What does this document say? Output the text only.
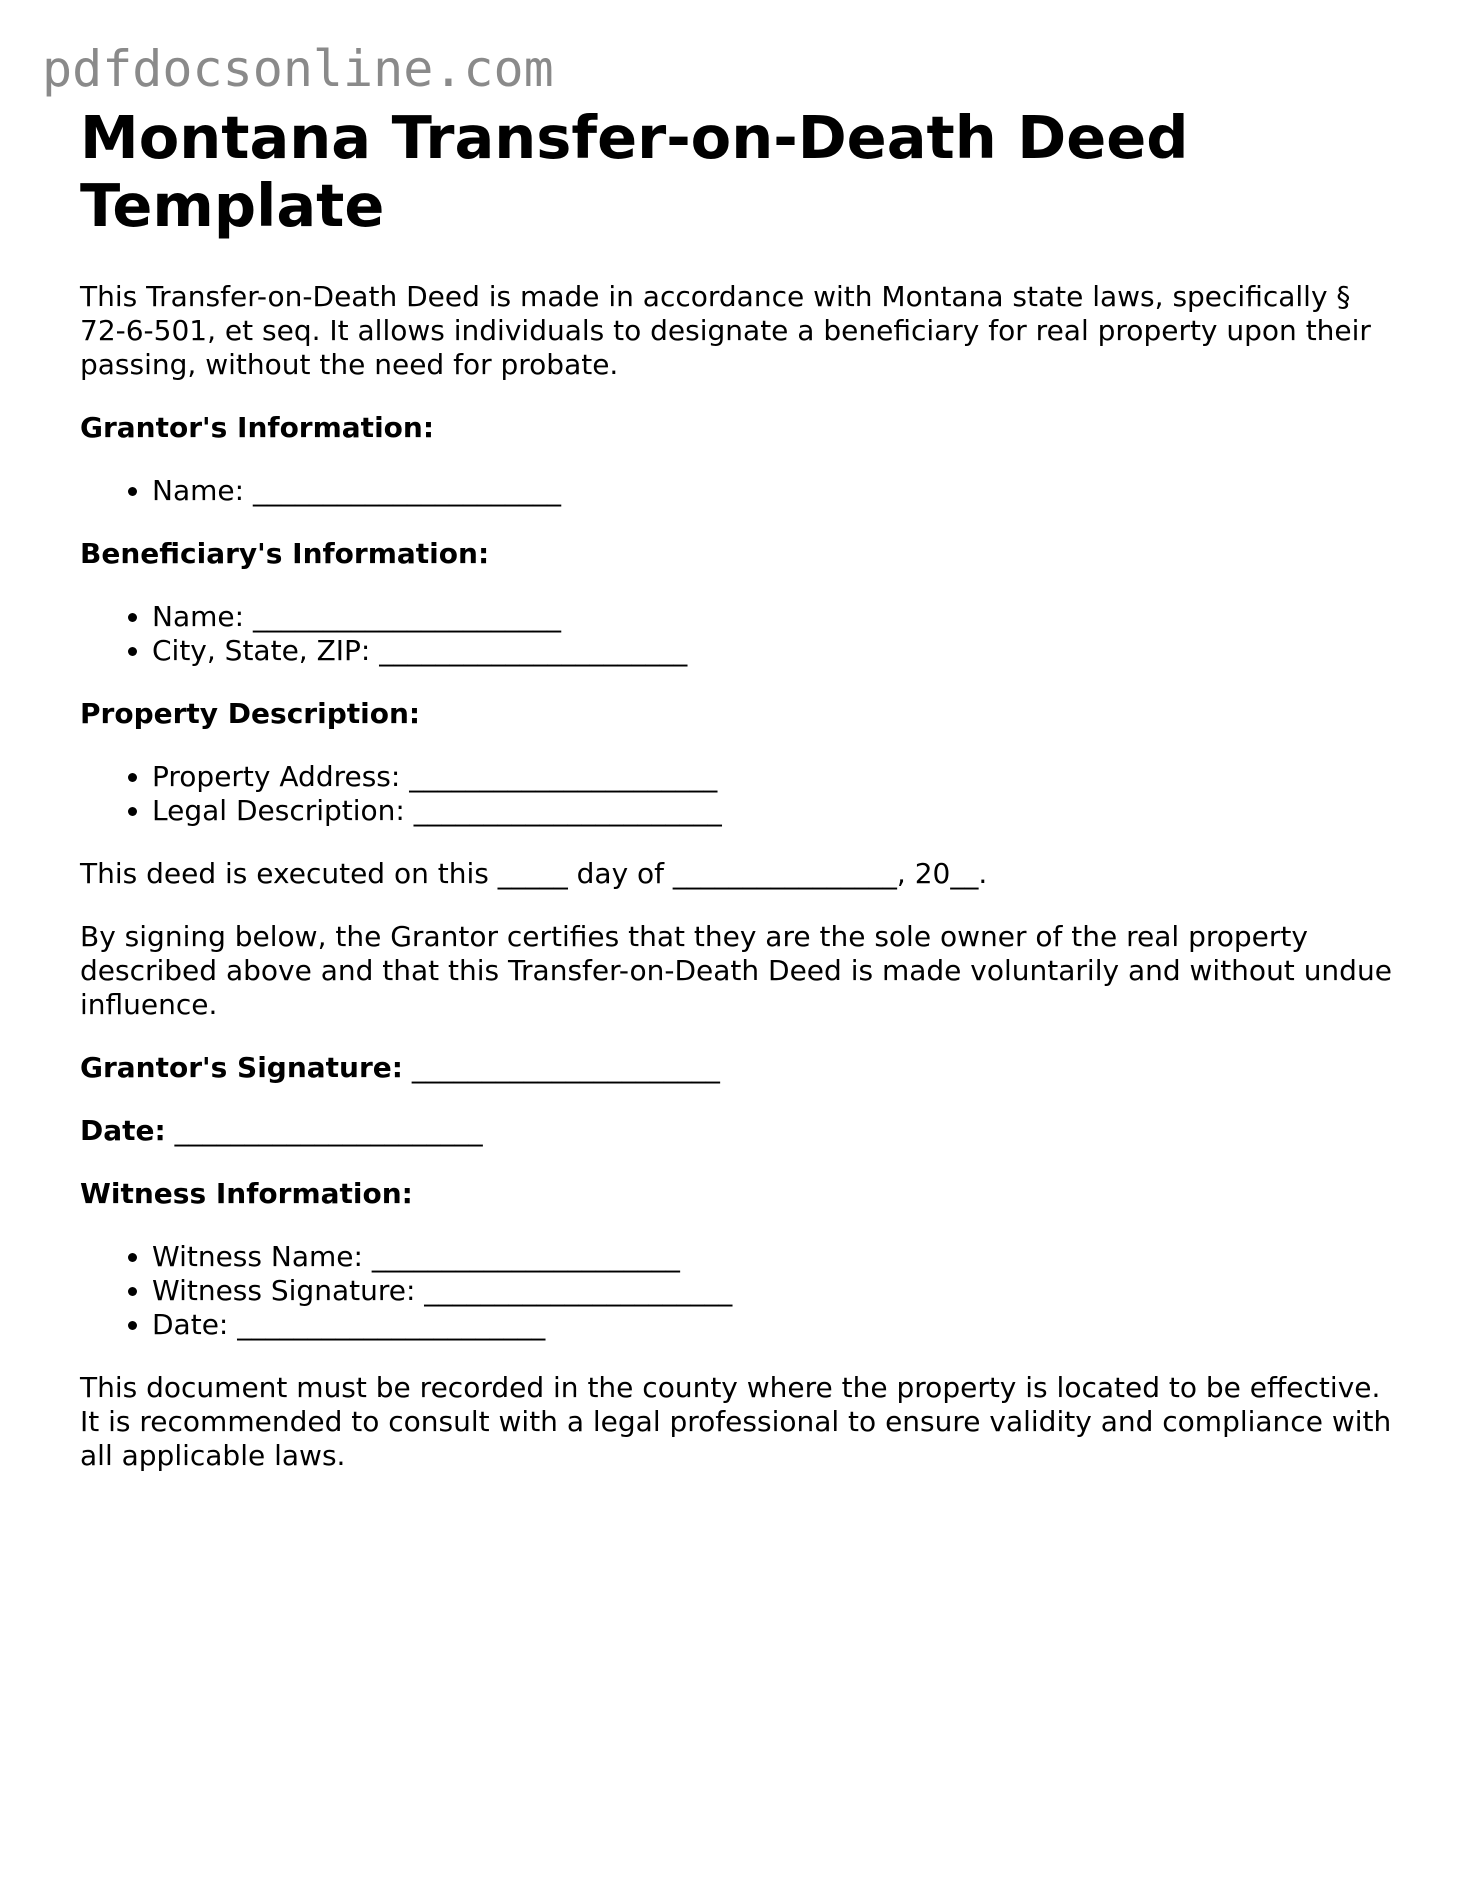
pdfdocsonline.com
Montana Transfer-on-Death Deed Template

This Transfer-on-Death Deed is made in accordance with Montana state laws, specifically § 72-6-501, et seq. It allows individuals to designate a beneficiary for real property upon their passing, without the need for probate.

Grantor's Information:
• Name: ______________________
Beneficiary's Information:
• Name: ______________________
• City, State, ZIP: ______________________
Property Description:
• Property Address: ______________________
• Legal Description: ______________________

This deed is executed on this _____ day of ________________, 20__.

By signing below, the Grantor certifies that they are the sole owner of the real property described above and that this Transfer-on-Death Deed is made voluntarily and without undue influence.

Grantor's Signature: ______________________
Date: ______________________
Witness Information:
• Witness Name: ______________________
• Witness Signature: ______________________
• Date: ______________________

This document must be recorded in the county where the property is located to be effective. It is recommended to consult with a legal professional to ensure validity and compliance with all applicable laws.
